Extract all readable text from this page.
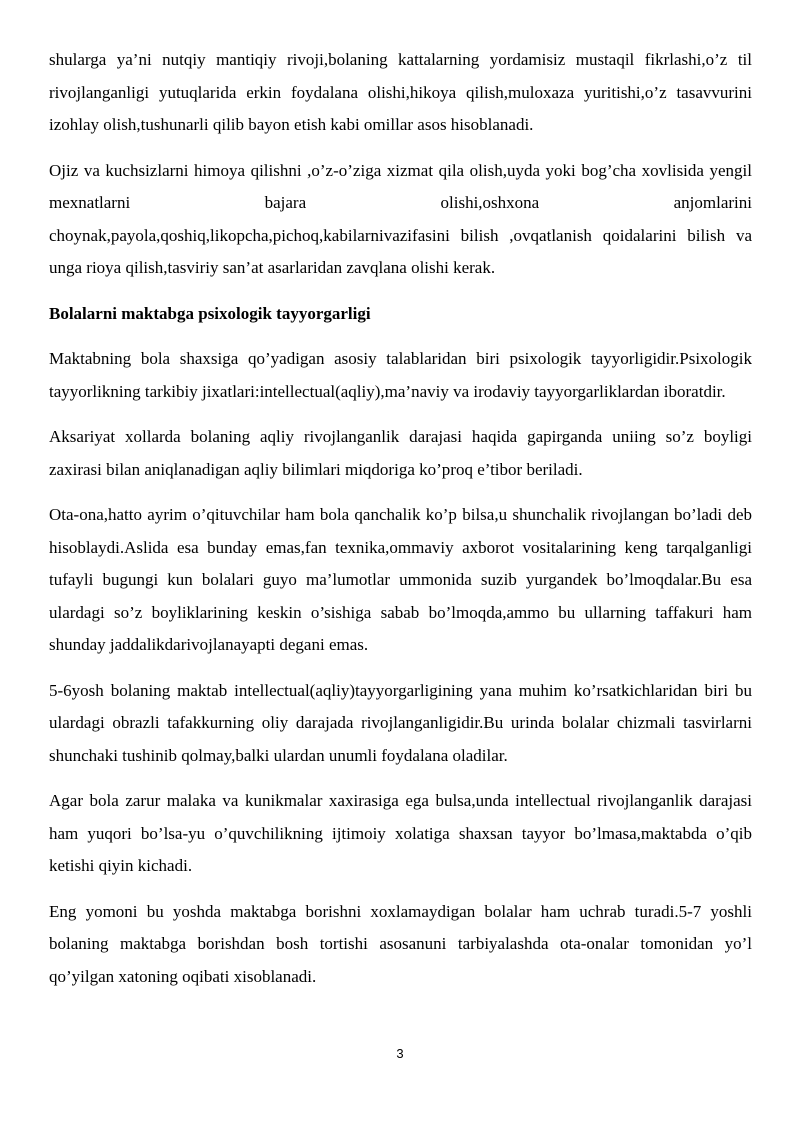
shularga ya’ni nutqiy mantiqiy rivoji,bolaning kattalarning yordamisiz mustaqil fikrlashi,o’z til rivojlanganligi yutuqlarida erkin foydalana olishi,hikoya qilish,muloxaza yuritishi,o’z tasavvurini izohlay olish,tushunarli qilib bayon etish kabi omillar asos hisoblanadi.

Ojiz va kuchsizlarni himoya qilishni ,o’z-o’ziga xizmat qila olish,uyda yoki bog’cha xovlisida yengil mexnatlarni bajara olishi,oshxona anjomlarini choynak,payola,qoshiq,likopcha,pichoq,kabilarnivazifasini bilish ,ovqatlanish qoidalarini bilish va unga rioya qilish,tasviriy san’at asarlaridan zavqlana olishi kerak.

Bolalarni maktabga psixologik tayyorgarligi

Maktabning bola shaxsiga qo’yadigan asosiy talablaridan biri psixologik tayyorligidir.Psixologik tayyorlikning tarkibiy jixatlari:intellectual(aqliy),ma’naviy va irodaviy tayyorgarliklardan iboratdir.

Aksariyat xollarda bolaning aqliy rivojlanganlik darajasi haqida gapirganda uniing so’z boyligi zaxirasi bilan aniqlanadigan aqliy bilimlari miqdoriga ko’proq e’tibor beriladi.

Ota-ona,hatto ayrim o’qituvchilar ham bola qanchalik ko’p bilsa,u shunchalik rivojlangan bo’ladi deb hisoblaydi.Aslida esa bunday emas,fan texnika,ommaviy axborot vositalarining keng tarqalganligi tufayli bugungi kun bolalari guyo ma’lumotlar ummonida suzib yurgandek bo’lmoqdalar.Bu esa ulardagi so’z boyliklarining keskin o’sishiga sabab bo’lmoqda,ammo bu ullarning taffakuri ham shunday jaddalikdarivojlanayapti degani emas.

5-6yosh bolaning maktab intellectual(aqliy)tayyorgarligining yana muhim ko’rsatkichlaridan biri bu ulardagi obrazli tafakkurning oliy darajada rivojlanganligidir.Bu urinda bolalar chizmali tasvirlarni shunchaki tushinib qolmay,balki ulardan unumli foydalana oladilar.

Agar bola zarur malaka va kunikmalar xaxirasiga ega bulsa,unda intellectual rivojlanganlik darajasi ham yuqori bo’lsa-yu o’quvchilikning ijtimoiy xolatiga shaxsan tayyor bo’lmasa,maktabda o’qib ketishi qiyin kichadi.

Eng yomoni bu yoshda maktabga borishni xoxlamaydigan bolalar ham uchrab turadi.5-7 yoshli bolaning maktabga borishdan bosh tortishi asosanuni tarbiyalashda ota-onalar tomonidan yo’l qo’yilgan xatoning oqibati xisoblanadi.

3
